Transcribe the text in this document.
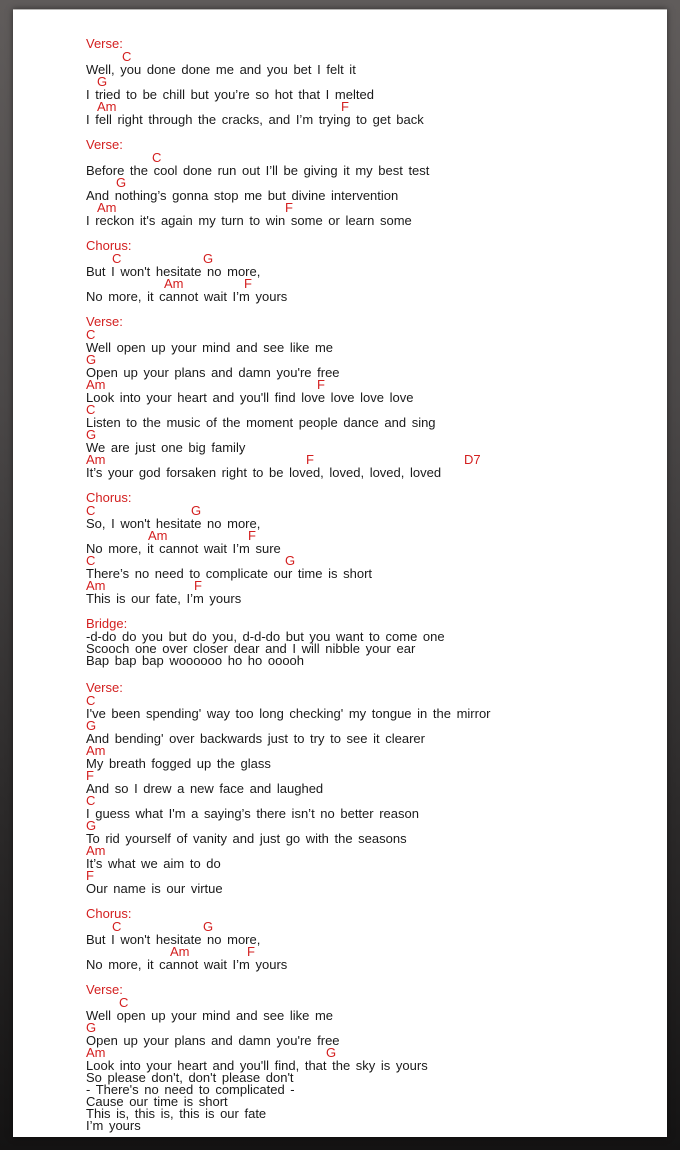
Verse:
C
Well, you done done me and you bet I felt it
G
I tried to be chill but you’re so hot that I melted
Am	F
I fell right through the cracks, and I’m trying to get back
Verse:
C
Before the cool done run out I’ll be giving it my best test
G
And nothing’s gonna stop me but divine intervention
Am	F
I reckon it's again my turn to win some or learn some
Chorus:
C	G
But I won't hesitate no more,
Am	F
No more, it cannot wait I’m yours
Verse:
C
Well open up your mind and see like me
G
Open up your plans and damn you're free
Am	F
Look into your heart and you'll find love love love love
C
Listen to the music of the moment people dance and sing
G
We are just one big family
Am	F	D7
It’s your god forsaken right to be loved, loved, loved, loved
Chorus:
C	G
So, I won't hesitate no more,
Am	F
No more, it cannot wait I’m sure
C	G
There’s no need to complicate our time is short
Am	F
This is our fate, I’m yours
Bridge:
-d-do do you but do you, d-d-do but you want to come one
Scooch one over closer dear and I will nibble your ear
Bap bap bap woooooo ho ho ooooh
Verse:
C
I've been spending' way too long checking' my tongue in the mirror
G
And bending' over backwards just to try to see it clearer
Am
My breath fogged up the glass
F
And so I drew a new face and laughed
C
I guess what I'm a saying’s there isn’t no better reason
G
To rid yourself of vanity and just go with the seasons
Am
It’s what we aim to do
F
Our name is our virtue
Chorus:
C	G
But I won't hesitate no more,
Am	F
No more, it cannot wait I’m yours
Verse:
C
Well open up your mind and see like me
G
Open up your plans and damn you're free
Am	G
Look into your heart and you'll find, that the sky is yours
So please don't, don't please don't
- There's no need to complicated -
Cause our time is short
This is, this is, this is our fate
I’m yours
